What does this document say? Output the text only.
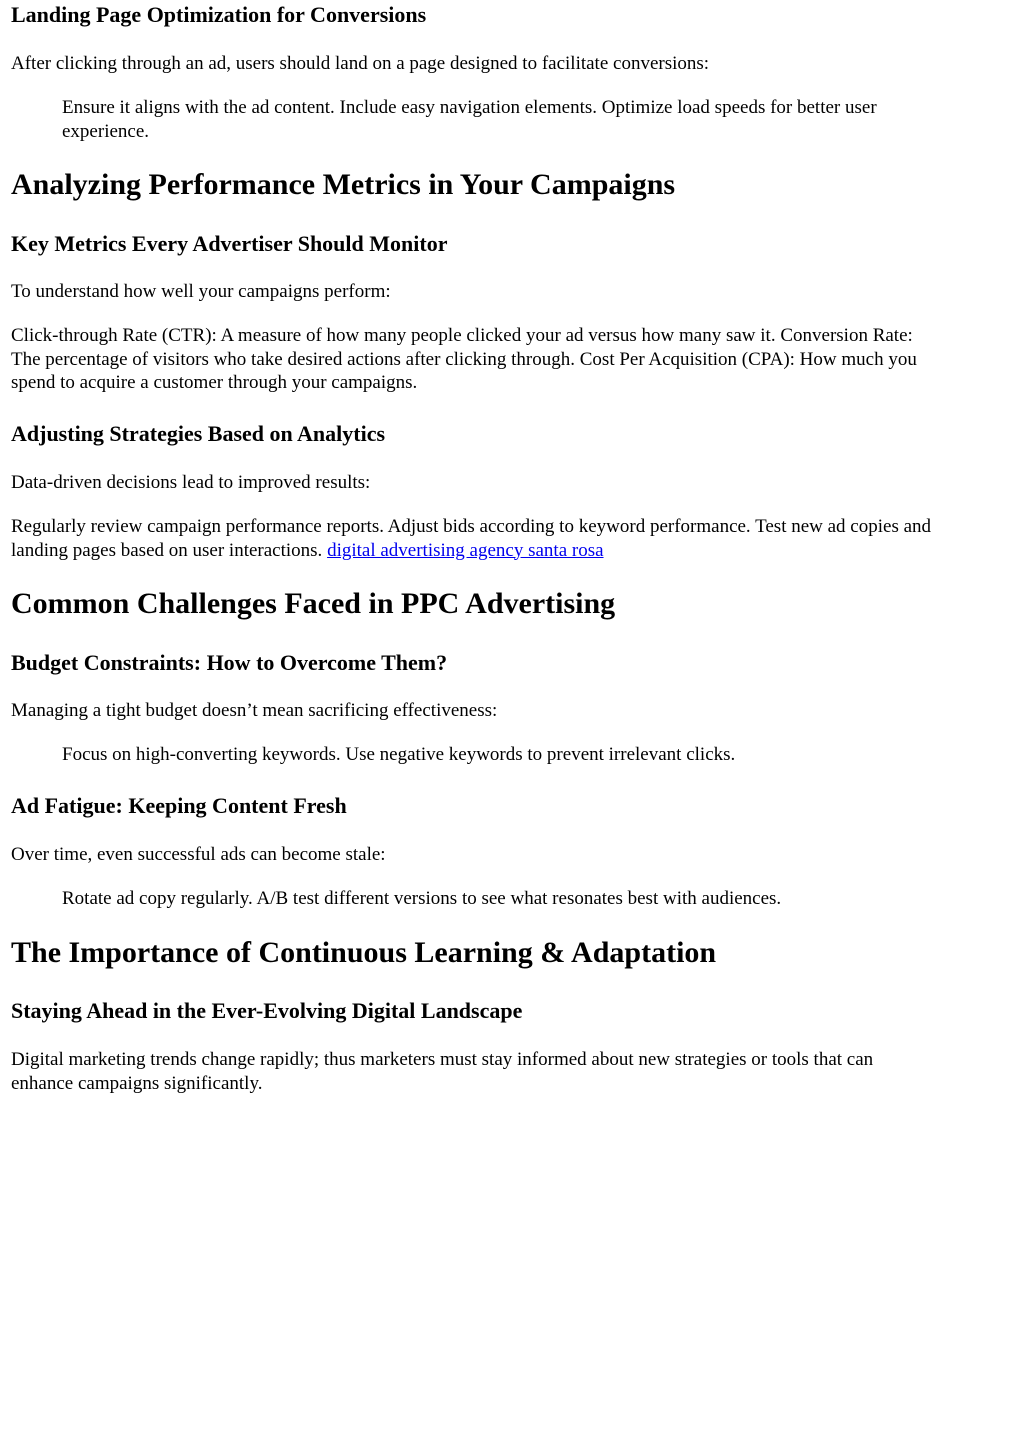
Landing Page Optimization for Conversions

After clicking through an ad, users should land on a page designed to facilitate conversions:

Ensure it aligns with the ad content. Include easy navigation elements. Optimize load speeds for better user
experience.
Analyzing Performance Metrics in Your Campaigns
Key Metrics Every Advertiser Should Monitor

To understand how well your campaigns perform:

Click-through Rate (CTR): A measure of how many people clicked your ad versus how many saw it. Conversion Rate:
The percentage of visitors who take desired actions after clicking through. Cost Per Acquisition (CPA): How much you
spend to acquire a customer through your campaigns.
Adjusting Strategies Based on Analytics

Data-driven decisions lead to improved results:

Regularly review campaign performance reports. Adjust bids according to keyword performance. Test new ad copies and
landing pages based on user interactions. digital advertising agency santa rosa
Common Challenges Faced in PPC Advertising
Budget Constraints: How to Overcome Them?

Managing a tight budget doesn’t mean sacrificing effectiveness:

Focus on high-converting keywords. Use negative keywords to prevent irrelevant clicks.
Ad Fatigue: Keeping Content Fresh

Over time, even successful ads can become stale:

Rotate ad copy regularly. A/B test different versions to see what resonates best with audiences.
The Importance of Continuous Learning & Adaptation
Staying Ahead in the Ever-Evolving Digital Landscape
Digital marketing trends change rapidly; thus marketers must stay informed about new strategies or tools that can
enhance campaigns significantly.
